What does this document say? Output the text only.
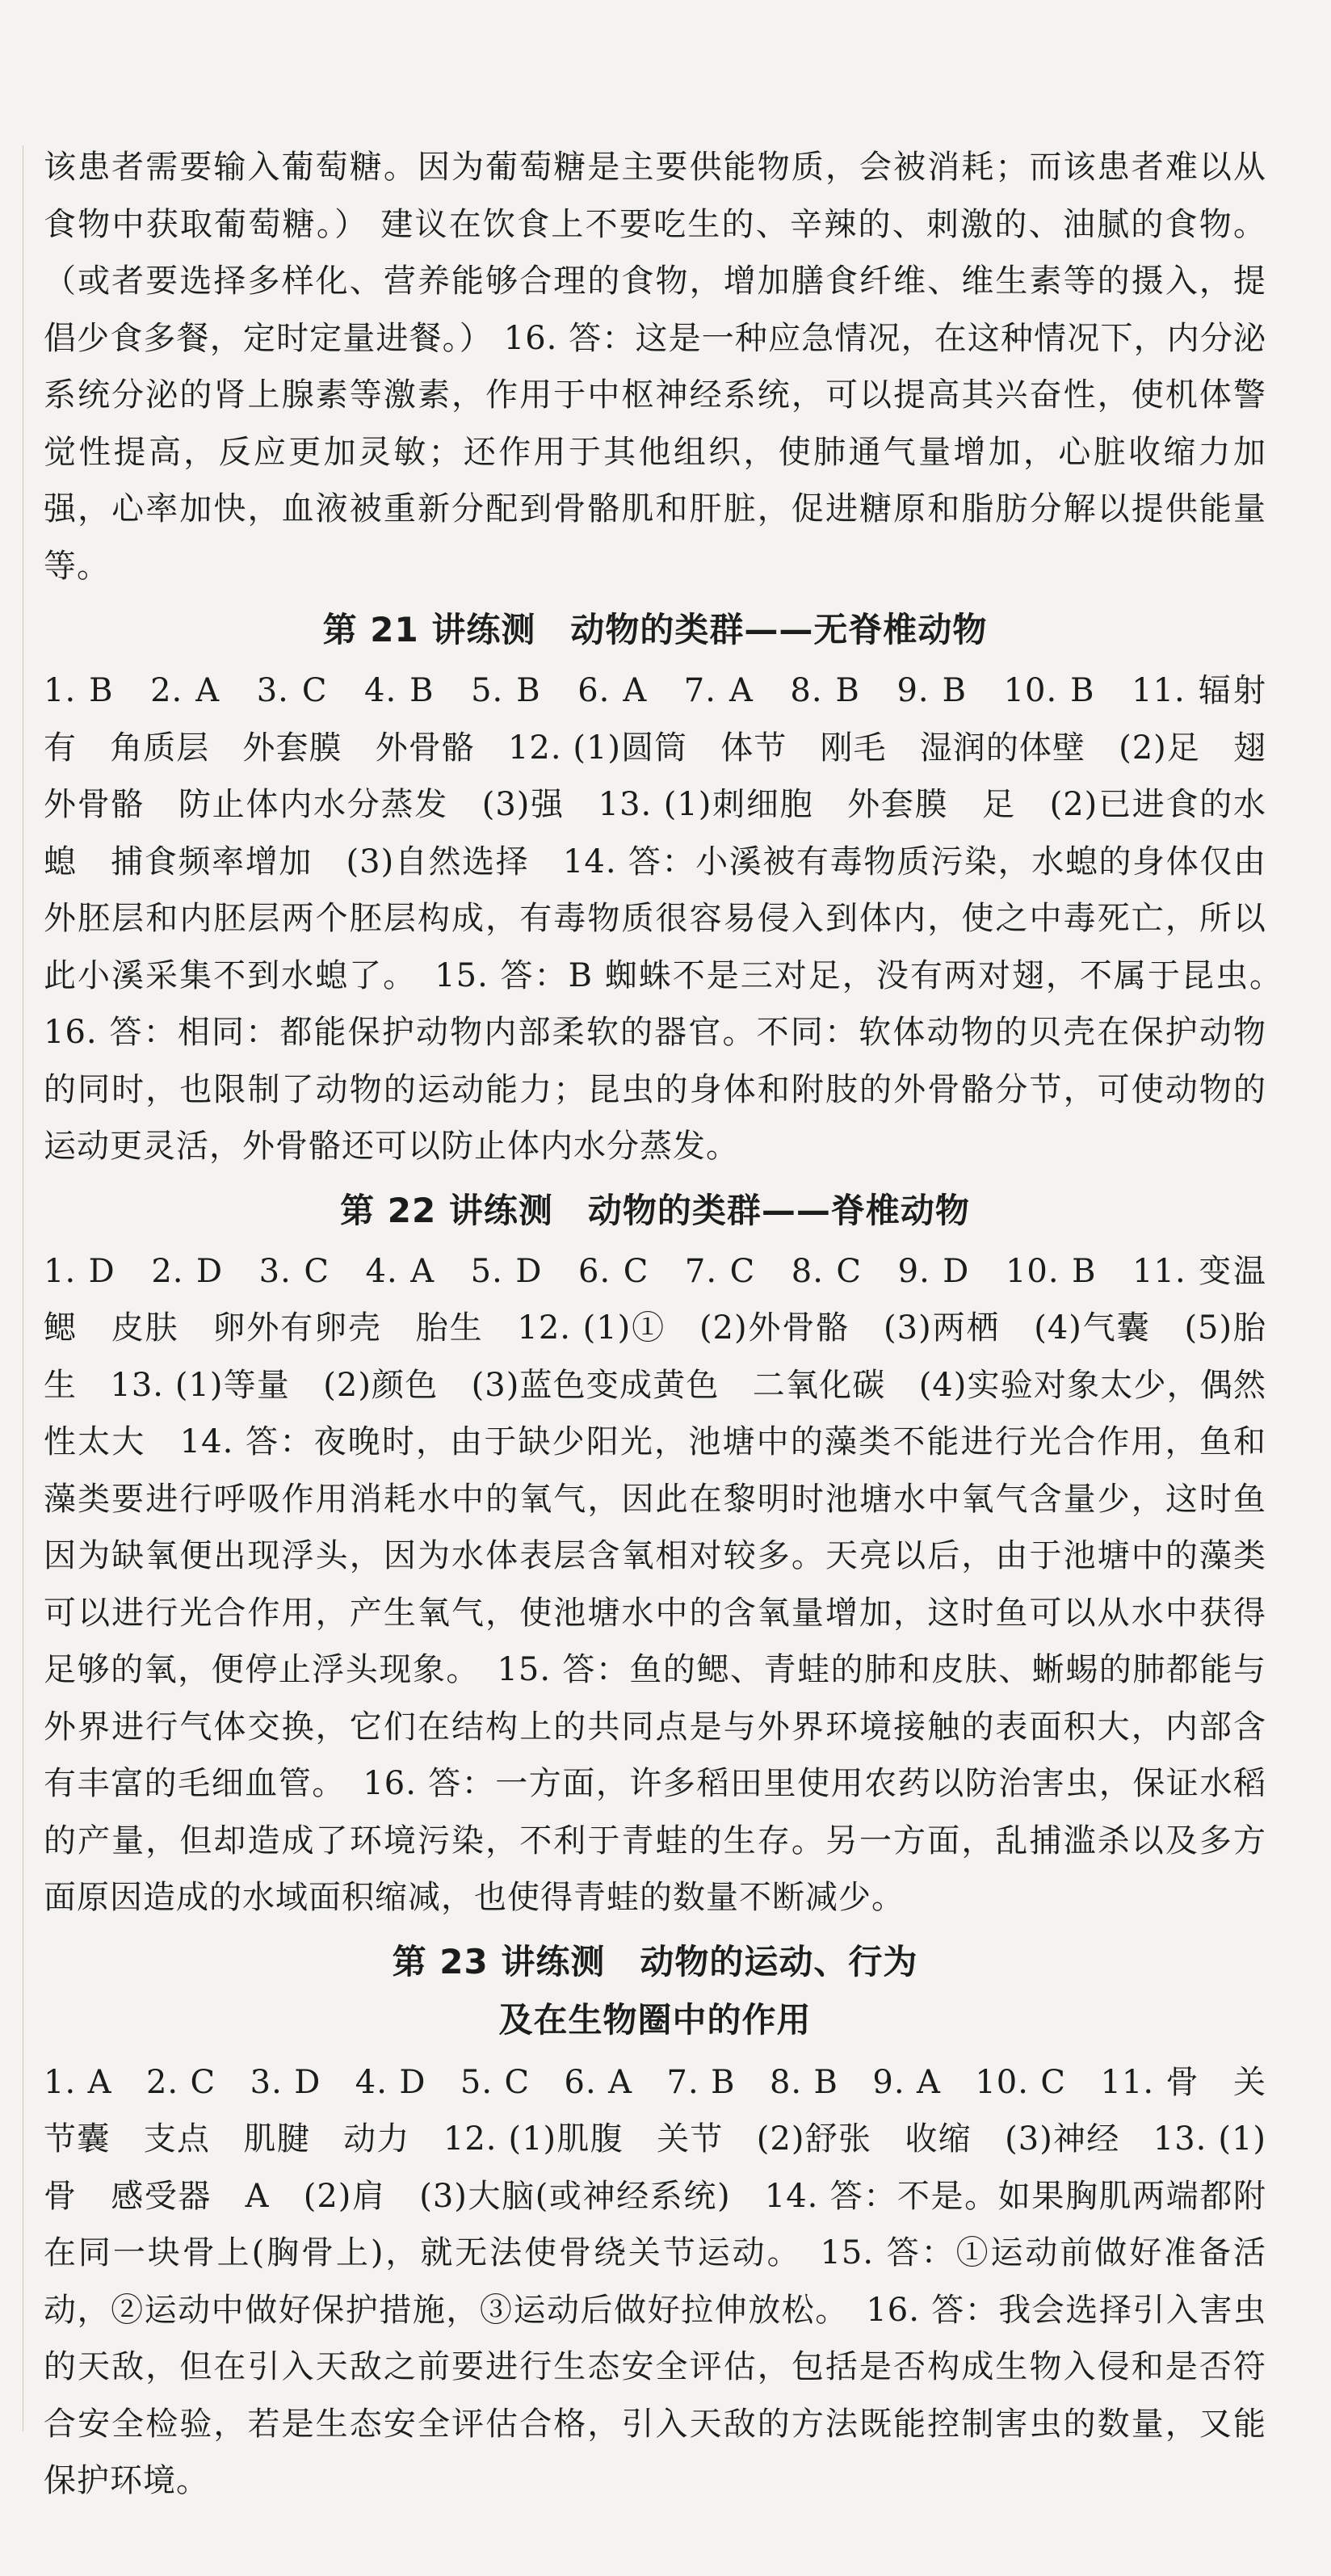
该患者需要输入葡萄糖。因为葡萄糖是主要供能物质，会被消耗；而该患者难以从食物中获取葡萄糖。） 建议在饮食上不要吃生的、辛辣的、刺激的、油腻的食物。（或者要选择多样化、营养能够合理的食物，增加膳食纤维、维生素等的摄入，提倡少食多餐，定时定量进餐。） 16. 答：这是一种应急情况，在这种情况下，内分泌系统分泌的肾上腺素等激素，作用于中枢神经系统，可以提高其兴奋性，使机体警觉性提高，反应更加灵敏；还作用于其他组织，使肺通气量增加，心脏收缩力加强，心率加快，血液被重新分配到骨骼肌和肝脏，促进糖原和脂肪分解以提供能量等。

第 21 讲练测　动物的类群——无脊椎动物

1. B　2. A　3. C　4. B　5. B　6. A　7. A　8. B　9. B　10. B　11. 辐射　有　角质层　外套膜　外骨骼　12. (1)圆筒　体节　刚毛　湿润的体壁　(2)足　翅　外骨骼　防止体内水分蒸发　(3)强　13. (1)刺细胞　外套膜　足　(2)已进食的水螅　捕食频率增加　(3)自然选择　14. 答：小溪被有毒物质污染，水螅的身体仅由外胚层和内胚层两个胚层构成，有毒物质很容易侵入到体内，使之中毒死亡，所以此小溪采集不到水螅了。　15. 答：B 蜘蛛不是三对足，没有两对翅，不属于昆虫。　16. 答：相同：都能保护动物内部柔软的器官。不同：软体动物的贝壳在保护动物的同时，也限制了动物的运动能力；昆虫的身体和附肢的外骨骼分节，可使动物的运动更灵活，外骨骼还可以防止体内水分蒸发。

第 22 讲练测　动物的类群——脊椎动物

1. D　2. D　3. C　4. A　5. D　6. C　7. C　8. C　9. D　10. B　11. 变温　鳃　皮肤　卵外有卵壳　胎生　12. (1)①　(2)外骨骼　(3)两栖　(4)气囊　(5)胎生　13. (1)等量　(2)颜色　(3)蓝色变成黄色　二氧化碳　(4)实验对象太少，偶然性太大　14. 答：夜晚时，由于缺少阳光，池塘中的藻类不能进行光合作用，鱼和藻类要进行呼吸作用消耗水中的氧气，因此在黎明时池塘水中氧气含量少，这时鱼因为缺氧便出现浮头，因为水体表层含氧相对较多。天亮以后，由于池塘中的藻类可以进行光合作用，产生氧气，使池塘水中的含氧量增加，这时鱼可以从水中获得足够的氧，便停止浮头现象。　15. 答：鱼的鳃、青蛙的肺和皮肤、蜥蜴的肺都能与外界进行气体交换，它们在结构上的共同点是与外界环境接触的表面积大，内部含有丰富的毛细血管。　16. 答：一方面，许多稻田里使用农药以防治害虫，保证水稻的产量，但却造成了环境污染，不利于青蛙的生存。另一方面，乱捕滥杀以及多方面原因造成的水域面积缩减，也使得青蛙的数量不断减少。

第 23 讲练测　动物的运动、行为
及在生物圈中的作用

1. A　2. C　3. D　4. D　5. C　6. A　7. B　8. B　9. A　10. C　11. 骨　关节囊　支点　肌腱　动力　12. (1)肌腹　关节　(2)舒张　收缩　(3)神经　13. (1)骨　感受器　A　(2)肩　(3)大脑(或神经系统)　14. 答：不是。如果胸肌两端都附在同一块骨上(胸骨上)，就无法使骨绕关节运动。　15. 答：①运动前做好准备活动，②运动中做好保护措施，③运动后做好拉伸放松。　16. 答：我会选择引入害虫的天敌，但在引入天敌之前要进行生态安全评估，包括是否构成生物入侵和是否符合安全检验，若是生态安全评估合格，引入天敌的方法既能控制害虫的数量，又能保护环境。
